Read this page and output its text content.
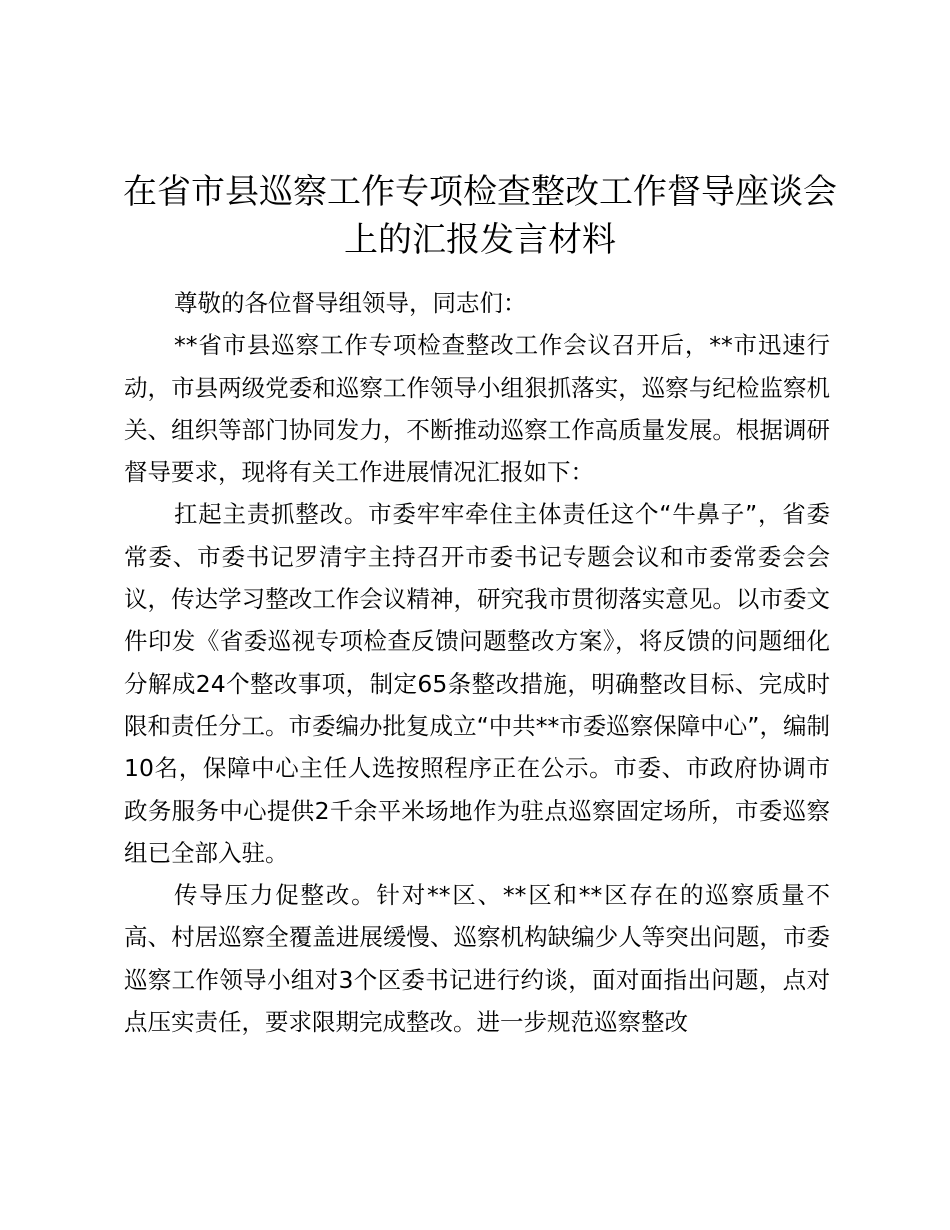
在省市县巡察工作专项检查整改工作督导座谈会上的汇报发言材料

尊敬的各位督导组领导，同志们：

**省市县巡察工作专项检查整改工作会议召开后，**市迅速行动，市县两级党委和巡察工作领导小组狠抓落实，巡察与纪检监察机关、组织等部门协同发力，不断推动巡察工作高质量发展。根据调研督导要求，现将有关工作进展情况汇报如下：

扛起主责抓整改。市委牢牢牵住主体责任这个“牛鼻子”，省委常委、市委书记罗清宇主持召开市委书记专题会议和市委常委会会议，传达学习整改工作会议精神，研究我市贯彻落实意见。以市委文件印发《省委巡视专项检查反馈问题整改方案》，将反馈的问题细化分解成24个整改事项，制定65条整改措施，明确整改目标、完成时限和责任分工。市委编办批复成立“中共**市委巡察保障中心”，编制10名，保障中心主任人选按照程序正在公示。市委、市政府协调市政务服务中心提供2千余平米场地作为驻点巡察固定场所，市委巡察组已全部入驻。

传导压力促整改。针对**区、**区和**区存在的巡察质量不高、村居巡察全覆盖进展缓慢、巡察机构缺编少人等突出问题，市委巡察工作领导小组对3个区委书记进行约谈，面对面指出问题，点对点压实责任，要求限期完成整改。进一步规范巡察整改
